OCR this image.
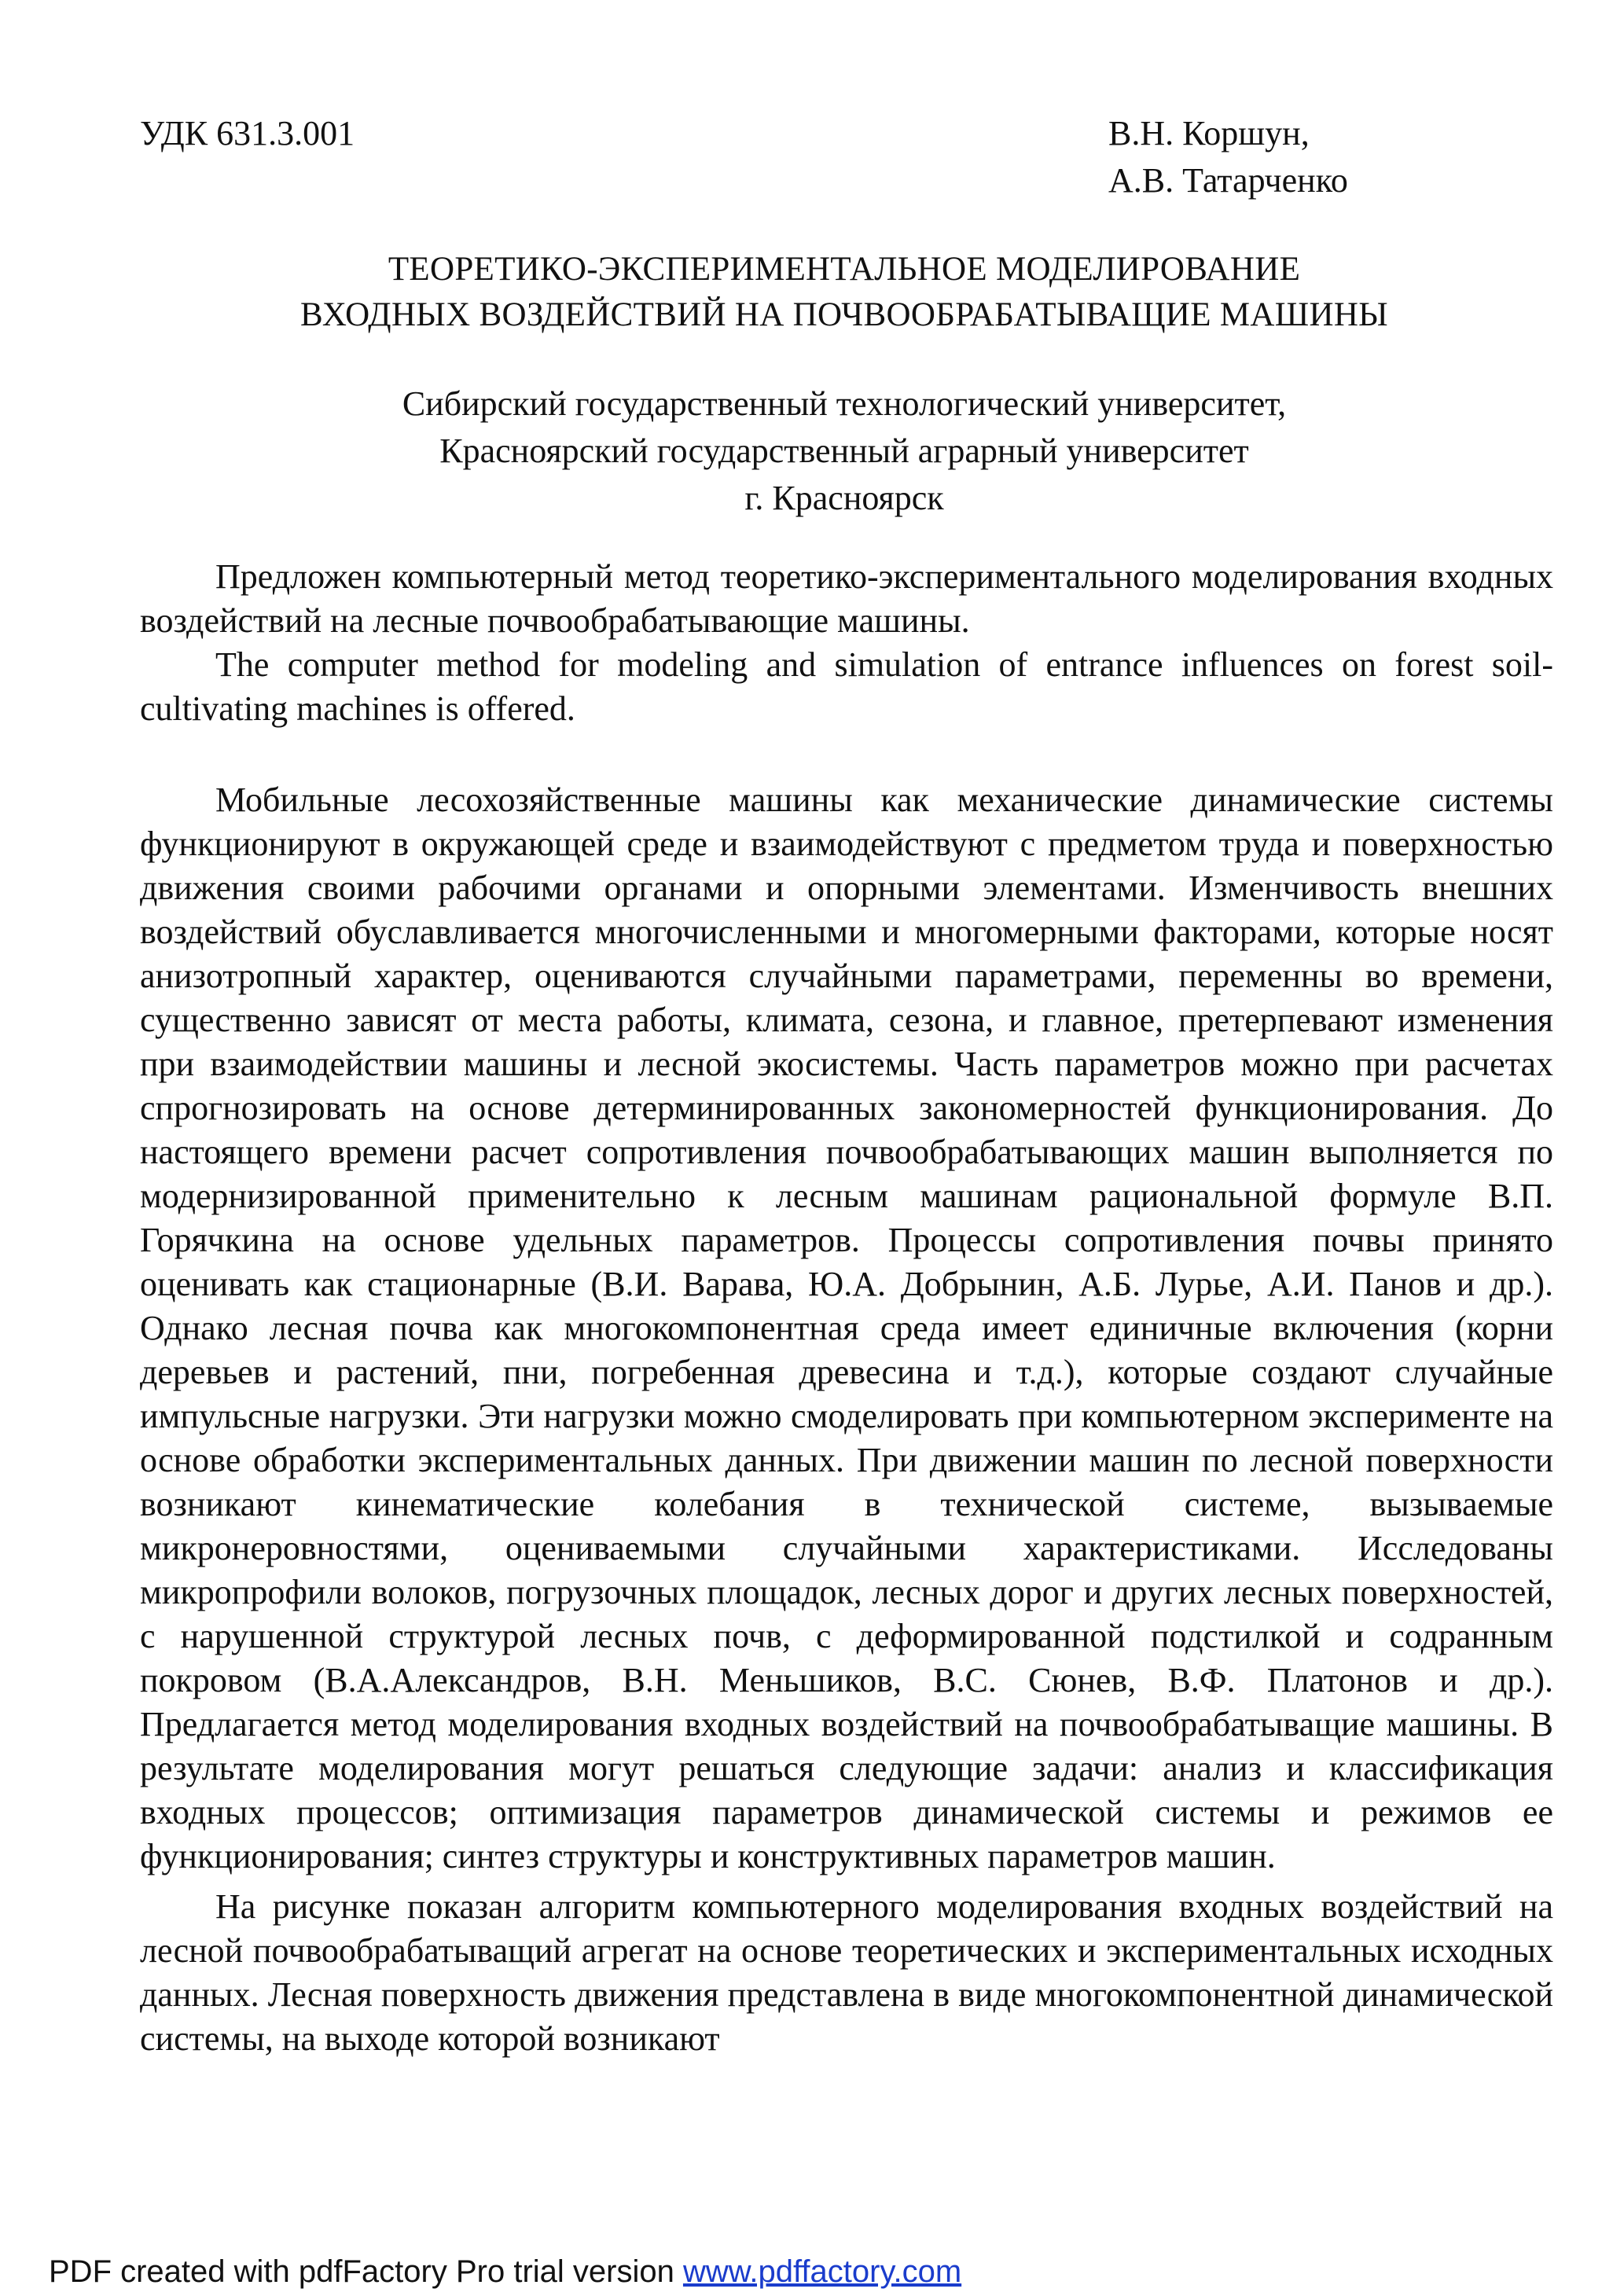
УДК 631.3.001	В.Н. Коршун,
А.В. Татарченко
ТЕОРЕТИКО-ЭКСПЕРИМЕНТАЛЬНОЕ МОДЕЛИРОВАНИЕ
ВХОДНЫХ ВОЗДЕЙСТВИЙ НА ПОЧВООБРАБАТЫВАЩИЕ МАШИНЫ
Сибирский государственный технологический университет,
Красноярский государственный аграрный университет
г. Красноярск

Предложен компьютерный метод теоретико-экспериментального моделирования входных воздействий на лесные почвообрабатывающие машины.

The computer method for modeling and simulation of entrance influences on forest soil-cultivating machines is offered.

Мобильные лесохозяйственные машины как механические динамические системы функционируют в окружающей среде и взаимодействуют с предметом труда и поверхностью движения своими рабочими органами и опорными элементами. Изменчивость внешних воздействий обуславливается многочисленными и многомерными факторами, которые носят анизотропный характер, оцениваются случайными параметрами, переменны во времени, существенно зависят от места работы, климата, сезона, и главное, претерпевают изменения при взаимодействии машины и лесной экосистемы. Часть параметров можно при расчетах спрогнозировать на основе детерминированных закономерностей функционирования. До настоящего времени расчет сопротивления почвообрабатывающих машин выполняется по модернизированной применительно к лесным машинам рациональной формуле В.П. Горячкина на основе удельных параметров. Процессы сопротивления почвы принято оценивать как стационарные (В.И. Варава, Ю.А. Добрынин, А.Б. Лурье, А.И. Панов и др.). Однако лесная почва как многокомпонентная среда имеет единичные включения (корни деревьев и растений, пни, погребенная древесина и т.д.), которые создают случайные импульсные нагрузки. Эти нагрузки можно смоделировать при компьютерном эксперименте на основе обработки экспериментальных данных. При движении машин по лесной поверхности возникают кинематические колебания в технической системе, вызываемые микронеровностями, оцениваемыми случайными характеристиками. Исследованы микропрофили волоков, погрузочных площадок, лесных дорог и других лесных поверхностей, с нарушенной структурой лесных почв, с деформированной подстилкой и содранным покровом (В.А.Александров, В.Н. Меньшиков, В.С. Сюнев, В.Ф. Платонов и др.). Предлагается метод моделирования входных воздействий на почвообрабатыващие машины. В результате моделирования могут решаться следующие задачи: анализ и классификация входных процессов; оптимизация параметров динамической системы и режимов ее функционирования; синтез структуры и конструктивных параметров машин.

На рисунке показан алгоритм компьютерного моделирования входных воздействий на лесной почвообрабатыващий агрегат на основе теоретических и экспериментальных исходных данных. Лесная поверхность движения представлена в виде многокомпонентной динамической системы, на выходе которой возникают

PDF created with pdfFactory Pro trial version www.pdffactory.com
